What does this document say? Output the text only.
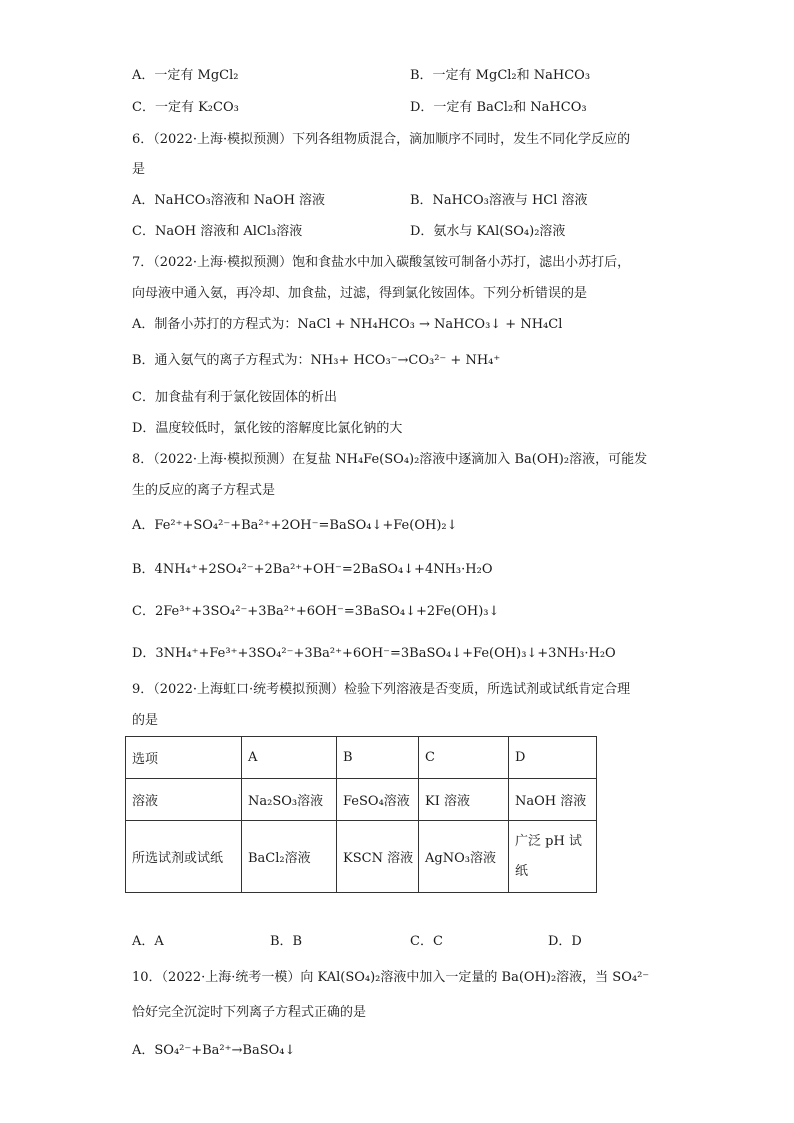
A．一定有 MgCl₂	B．一定有 MgCl₂和 NaHCO₃
C．一定有 K₂CO₃	D．一定有 BaCl₂和 NaHCO₃
6．（2022·上海·模拟预测）下列各组物质混合，滴加顺序不同时，发生不同化学反应的
是
A．NaHCO₃溶液和 NaOH 溶液	B．NaHCO₃溶液与 HCl 溶液
C．NaOH 溶液和 AlCl₃溶液	D．氨水与 KAl(SO₄)₂溶液
7．（2022·上海·模拟预测）饱和食盐水中加入碳酸氢铵可制备小苏打，滤出小苏打后，
向母液中通入氨，再冷却、加食盐，过滤，得到氯化铵固体。下列分析错误的是
A．制备小苏打的方程式为：NaCl + NH₄HCO₃ → NaHCO₃↓ + NH₄Cl
B．通入氨气的离子方程式为：NH₃+ HCO₃⁻→CO₃²⁻ + NH₄⁺
C．加食盐有利于氯化铵固体的析出
D．温度较低时，氯化铵的溶解度比氯化钠的大
8．（2022·上海·模拟预测）在复盐 NH₄Fe(SO₄)₂溶液中逐滴加入 Ba(OH)₂溶液，可能发
生的反应的离子方程式是
A．Fe²⁺+SO₄²⁻+Ba²⁺+2OH⁻=BaSO₄↓+Fe(OH)₂↓
B．4NH₄⁺+2SO₄²⁻+2Ba²⁺+OH⁻=2BaSO₄↓+4NH₃·H₂O
C．2Fe³⁺+3SO₄²⁻+3Ba²⁺+6OH⁻=3BaSO₄↓+2Fe(OH)₃↓
D．3NH₄⁺+Fe³⁺+3SO₄²⁻+3Ba²⁺+6OH⁻=3BaSO₄↓+Fe(OH)₃↓+3NH₃·H₂O
9．（2022·上海虹口·统考模拟预测）检验下列溶液是否变质，所选试剂或试纸肯定合理
的是
选项	A	B	C	D
溶液	Na₂SO₃溶液	FeSO₄溶液	KI 溶液	NaOH 溶液
所选试剂或试纸	BaCl₂溶液	KSCN 溶液	AgNO₃溶液	广泛 pH 试纸
A．A	B．B	C．C	D．D
10．（2022·上海·统考一模）向 KAl(SO₄)₂溶液中加入一定量的 Ba(OH)₂溶液，当 SO₄²⁻
恰好完全沉淀时下列离子方程式正确的是
A．SO₄²⁻+Ba²⁺→BaSO₄↓
